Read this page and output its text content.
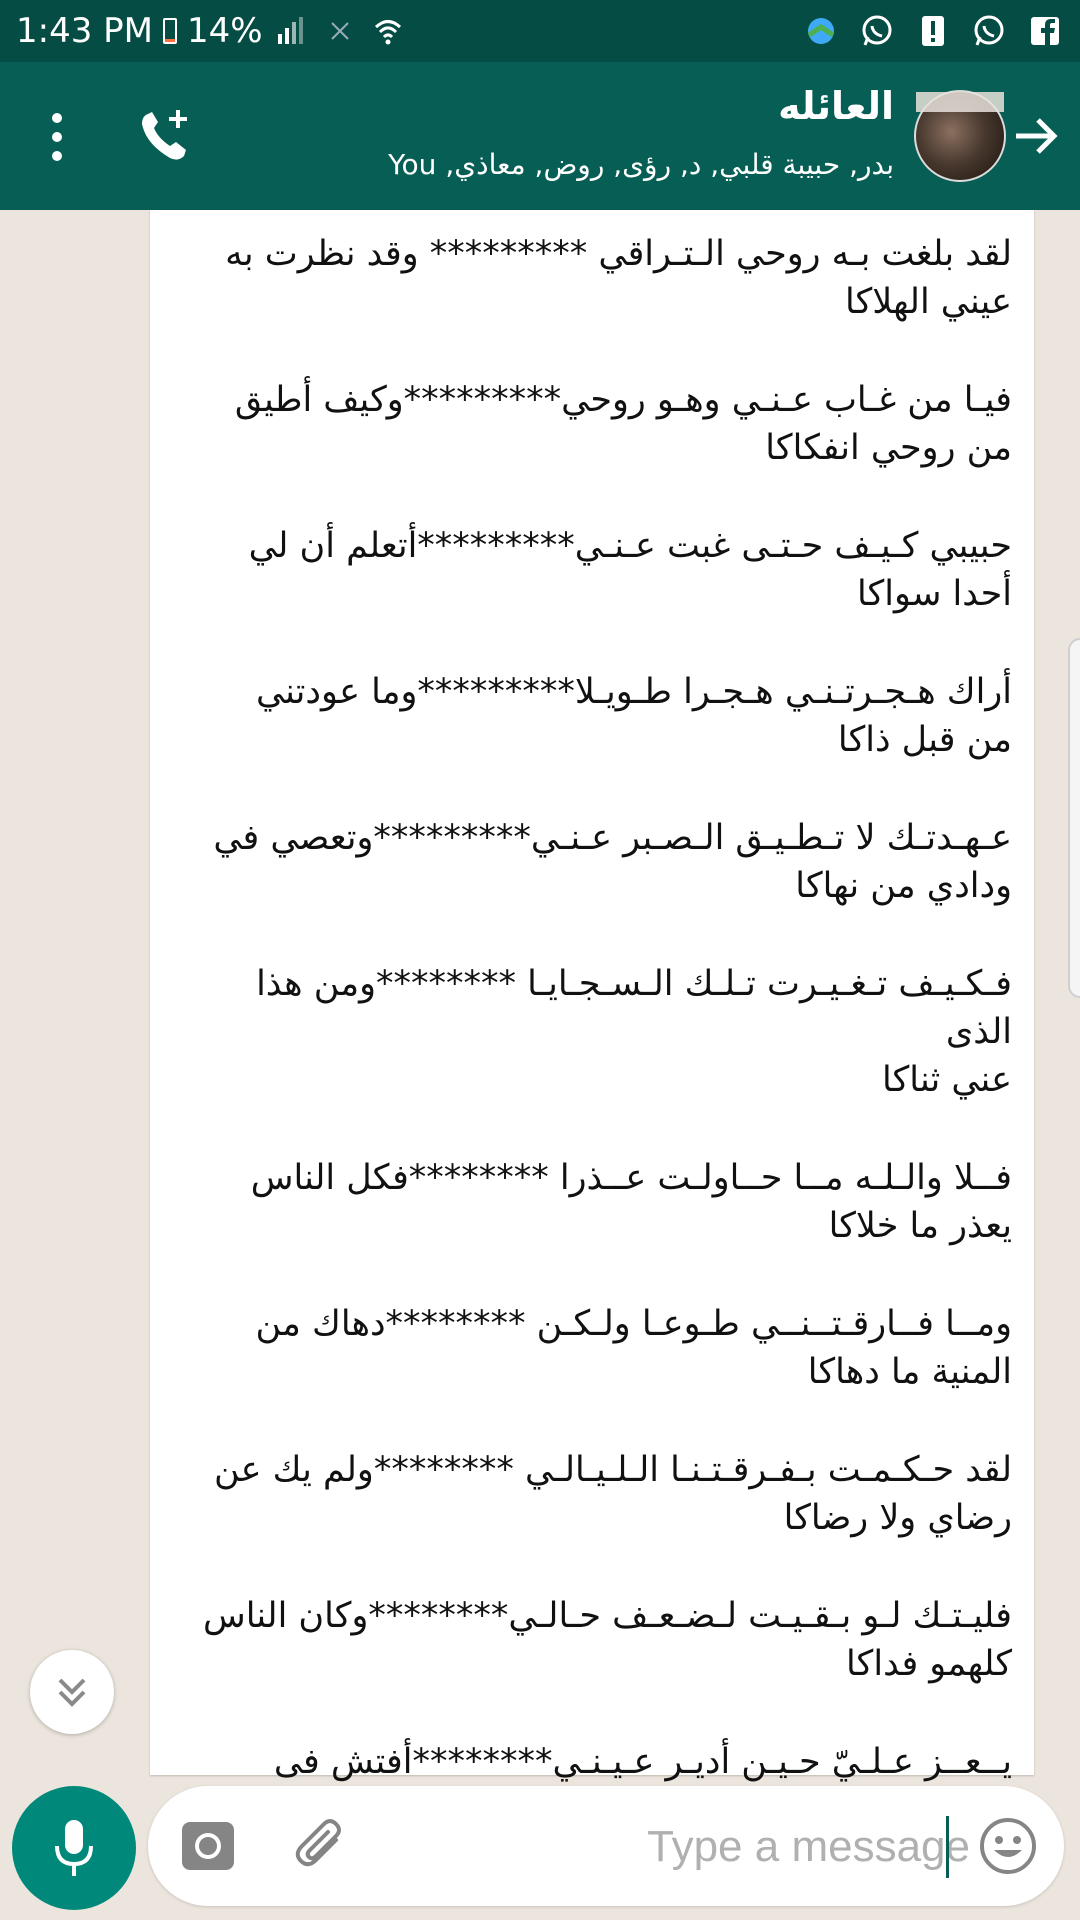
1:43 PM 14%
العائله
بدر, حبيبة قلبي, د, رؤى, روض, معاذي, You
لقد بلغت بـه روحي الـتـراقي ********* وقد نظرت به
عيني الهلاكا
فيـا من غـاب عـنـي وهـو روحي*********وكيف أطيق
من روحي انفكاكا
حبيبي كـيـف حـتـى غبت عـنـي*********أتعلم أن لي
أحدا سواكا
أراك هـجـرتـنـي هـجـرا طـويـلا*********وما عودتني
من قبل ذاكا
عـهـدتـك لا تـطـيـق الـصـبر عـنـي*********وتعصي في
ودادي من نهاكا
فـكـيـف تـغـيـرت تـلـك الـسـجـايـا ********ومن هذا الذى
عني ثناكا
فــلا والـلـه مــا حــاولـت عــذرا ********فكل الناس
يعذر ما خلاكا
ومــا فــارقـتــنــي طـوعـا ولـكـن ********دهاك من
المنية ما دهاكا
لقد حـكـمـت بـفـرقـتـنـا الـلـيـالـي ********ولم يك عن
رضاي ولا رضاكا
فليـتـك لـو بـقـيـت لـضـعـف حـالـي********وكان الناس
كلهمو فداكا
يــعــز عـلـيّ حـيـن أديـر عـيـنـي********أفتش فى

Type a message
